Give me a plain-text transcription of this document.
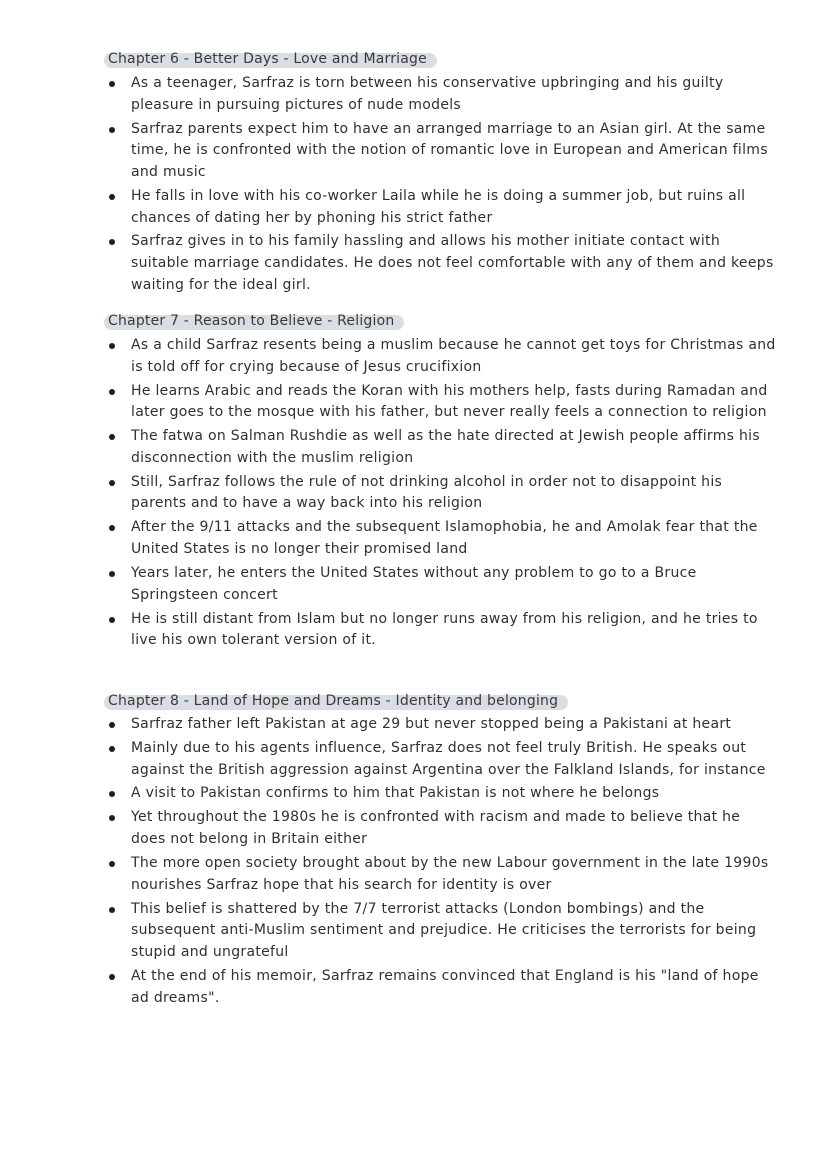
Chapter 6 - Better Days - Love and Marriage
As a teenager, Sarfraz is torn between his conservative upbringing and his guilty pleasure in pursuing pictures of nude models
Sarfraz parents expect him to have an arranged marriage to an Asian girl. At the same time, he is confronted with the notion of romantic love in European and American films and music
He falls in love with his co-worker Laila while he is doing a summer job, but ruins all chances of dating her by phoning his strict father
Sarfraz gives in to his family hassling and allows his mother initiate contact with suitable marriage candidates. He does not feel comfortable with any of them and keeps waiting for the ideal girl.
Chapter 7 - Reason to Believe - Religion
As a child Sarfraz resents being a muslim because he cannot get toys for Christmas and is told off for crying because of Jesus crucifixion
He learns Arabic and reads the Koran with his mothers help, fasts during Ramadan and later goes to the mosque with his father, but never really feels a connection to religion
The fatwa on Salman Rushdie as well as the hate directed at Jewish people affirms his disconnection with the muslim religion
Still, Sarfraz follows the rule of not drinking alcohol in order not to disappoint his parents and to have a way back into his religion
After the 9/11 attacks and the subsequent Islamophobia, he and Amolak fear that the United States is no longer their promised land
Years later, he enters the United States without any problem to go to a Bruce Springsteen concert
He is still distant from Islam but no longer runs away from his religion, and he tries to live his own tolerant version of it.
Chapter 8 - Land of Hope and Dreams - Identity and belonging
Sarfraz father left Pakistan at age 29 but never stopped being a Pakistani at heart
Mainly due to his agents influence, Sarfraz does not feel truly British. He speaks out against the British aggression against Argentina over the Falkland Islands, for instance
A visit to Pakistan confirms to him that Pakistan is not where he belongs
Yet throughout the 1980s he is confronted with racism and made to believe that he does not belong in Britain either
The more open society brought about by the new Labour government in the late 1990s nourishes Sarfraz hope that his search for identity is over
This belief is shattered by the 7/7 terrorist attacks (London bombings) and the subsequent anti-Muslim sentiment and prejudice. He criticises the terrorists for being stupid and ungrateful
At the end of his memoir, Sarfraz remains convinced that England is his "land of hope ad dreams".
